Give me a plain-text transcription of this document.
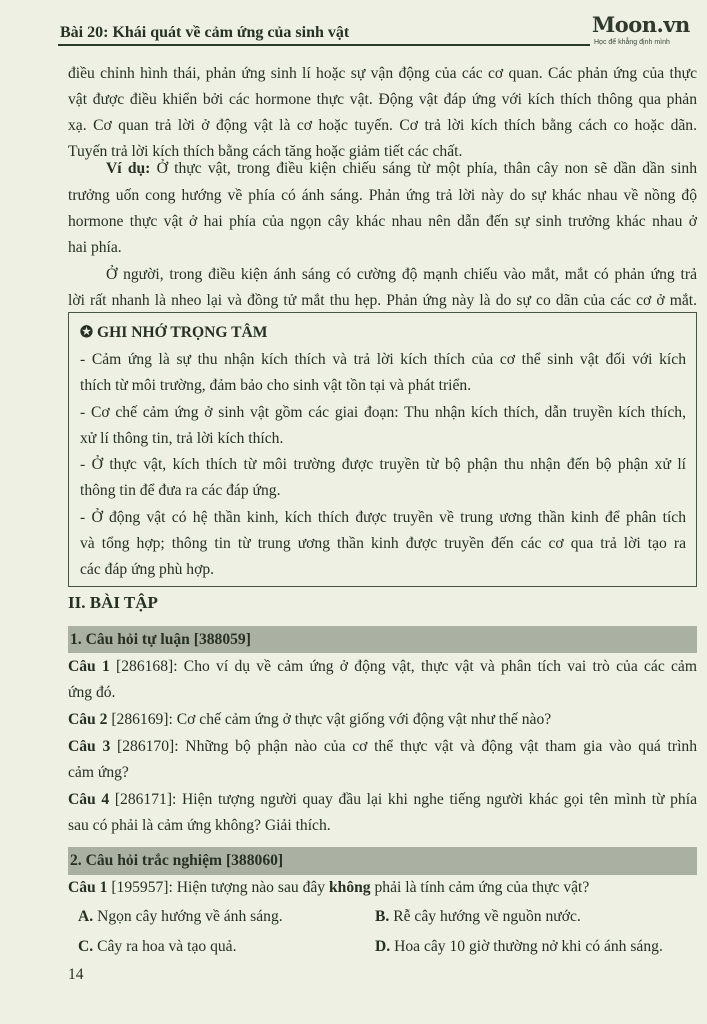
Bài 20: Khái quát về cảm ứng của sinh vật	Moon.vn
Học để khẳng định mình
điều chỉnh hình thái, phản ứng sinh lí hoặc sự vận động của các cơ quan. Các phản ứng của thực
vật được điều khiển bởi các hormone thực vật. Động vật đáp ứng với kích thích thông qua phản
xạ. Cơ quan trả lời ở động vật là cơ hoặc tuyến. Cơ trả lời kích thích bằng cách co hoặc dãn.
Tuyến trả lời kích thích bằng cách tăng hoặc giảm tiết các chất.
Ví dụ: Ở thực vật, trong điều kiện chiếu sáng từ một phía, thân cây non sẽ dần dần sinh
trưởng uốn cong hướng về phía có ánh sáng. Phản ứng trả lời này do sự khác nhau về nồng độ
hormone thực vật ở hai phía của ngọn cây khác nhau nên dẫn đến sự sinh trưởng khác nhau ở
hai phía.
Ở người, trong điều kiện ánh sáng có cường độ mạnh chiếu vào mắt, mắt có phản ứng trả
lời rất nhanh là nheo lại và đồng tử mắt thu hẹp. Phản ứng này là do sự co dãn của các cơ ở mắt.
✪ GHI NHỚ TRỌNG TÂM
- Cảm ứng là sự thu nhận kích thích và trả lời kích thích của cơ thể sinh vật đối với kích
thích từ môi trường, đảm bảo cho sinh vật tồn tại và phát triển.
- Cơ chế cảm ứng ở sinh vật gồm các giai đoạn: Thu nhận kích thích, dẫn truyền kích thích,
xử lí thông tin, trả lời kích thích.
- Ở thực vật, kích thích từ môi trường được truyền từ bộ phận thu nhận đến bộ phận xử lí
thông tin để đưa ra các đáp ứng.
- Ở động vật có hệ thần kinh, kích thích được truyền về trung ương thần kinh để phân tích
và tổng hợp; thông tin từ trung ương thần kinh được truyền đến các cơ qua trả lời tạo ra
các đáp ứng phù hợp.
II. BÀI TẬP
1. Câu hỏi tự luận [388059]
Câu 1 [286168]: Cho ví dụ về cảm ứng ở động vật, thực vật và phân tích vai trò của các cảm
ứng đó.
Câu 2 [286169]: Cơ chế cảm ứng ở thực vật giống với động vật như thế nào?
Câu 3 [286170]: Những bộ phận nào của cơ thể thực vật và động vật tham gia vào quá trình
cảm ứng?
Câu 4 [286171]: Hiện tượng người quay đầu lại khi nghe tiếng người khác gọi tên mình từ phía
sau có phải là cảm ứng không? Giải thích.
2. Câu hỏi trắc nghiệm [388060]
Câu 1 [195957]: Hiện tượng nào sau đây không phải là tính cảm ứng của thực vật?
A. Ngọn cây hướng về ánh sáng.	B. Rễ cây hướng về nguồn nước.
C. Cây ra hoa và tạo quả.	D. Hoa cây 10 giờ thường nở khi có ánh sáng.
14
